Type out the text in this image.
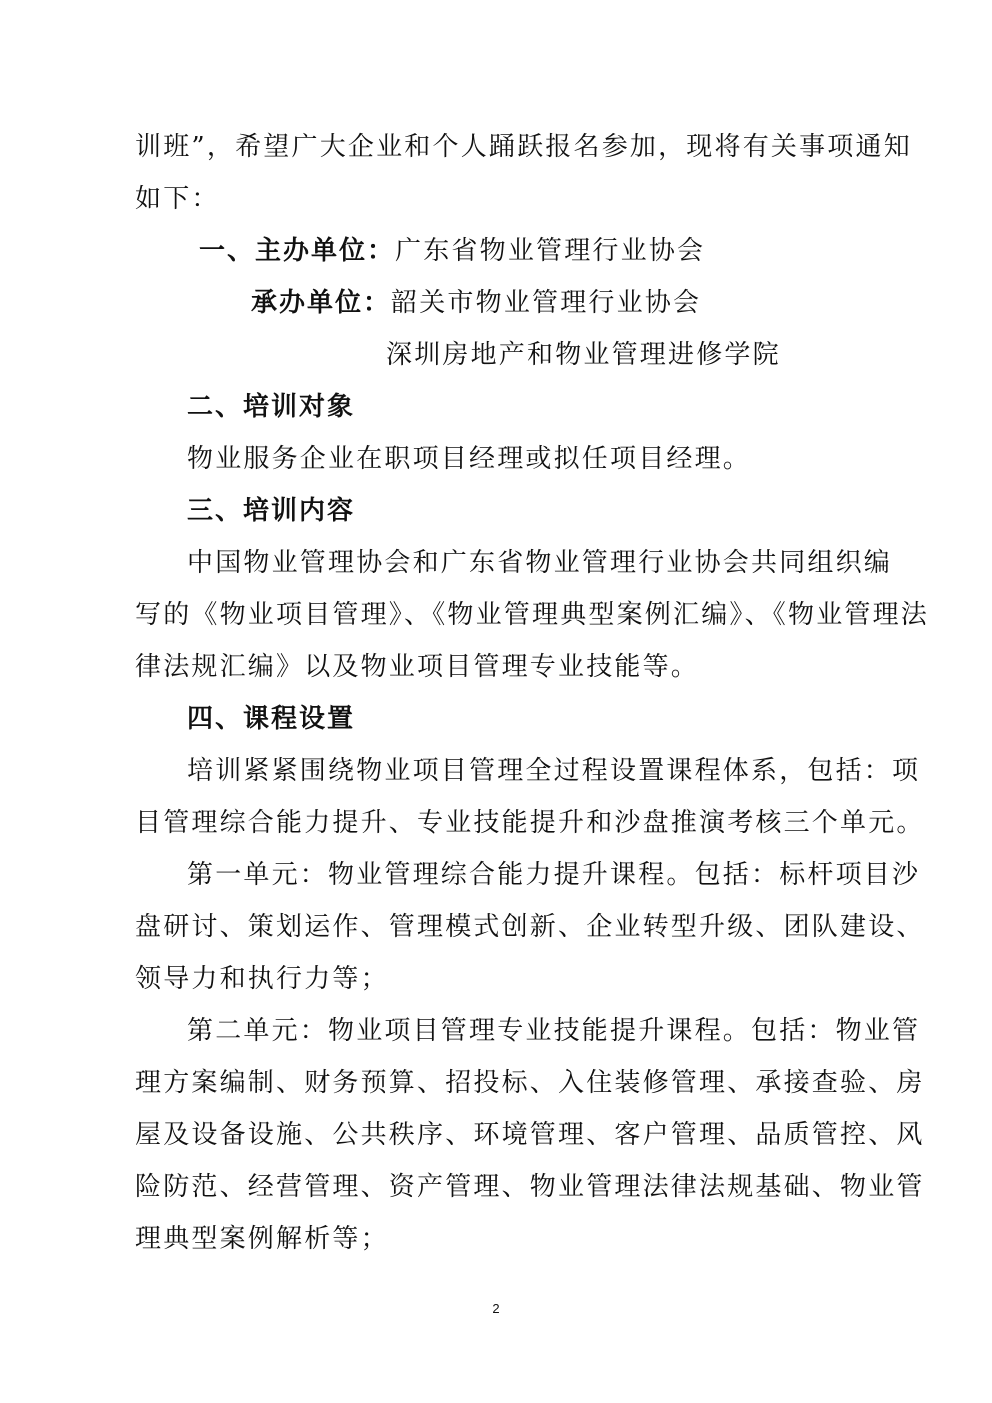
训班”，希望广大企业和个人踊跃报名参加，现将有关事项通知
如下：
一、主办单位：广东省物业管理行业协会
承办单位：韶关市物业管理行业协会
深圳房地产和物业管理进修学院
二、培训对象
物业服务企业在职项目经理或拟任项目经理。
三、培训内容
中国物业管理协会和广东省物业管理行业协会共同组织编
写的《物业项目管理》、《物业管理典型案例汇编》、《物业管理法
律法规汇编》以及物业项目管理专业技能等。
四、课程设置
培训紧紧围绕物业项目管理全过程设置课程体系，包括：项
目管理综合能力提升、专业技能提升和沙盘推演考核三个单元。
第一单元：物业管理综合能力提升课程。包括：标杆项目沙
盘研讨、策划运作、管理模式创新、企业转型升级、团队建设、
领导力和执行力等；
第二单元：物业项目管理专业技能提升课程。包括：物业管
理方案编制、财务预算、招投标、入住装修管理、承接查验、房
屋及设备设施、公共秩序、环境管理、客户管理、品质管控、风
险防范、经营管理、资产管理、物业管理法律法规基础、物业管
理典型案例解析等；
2
